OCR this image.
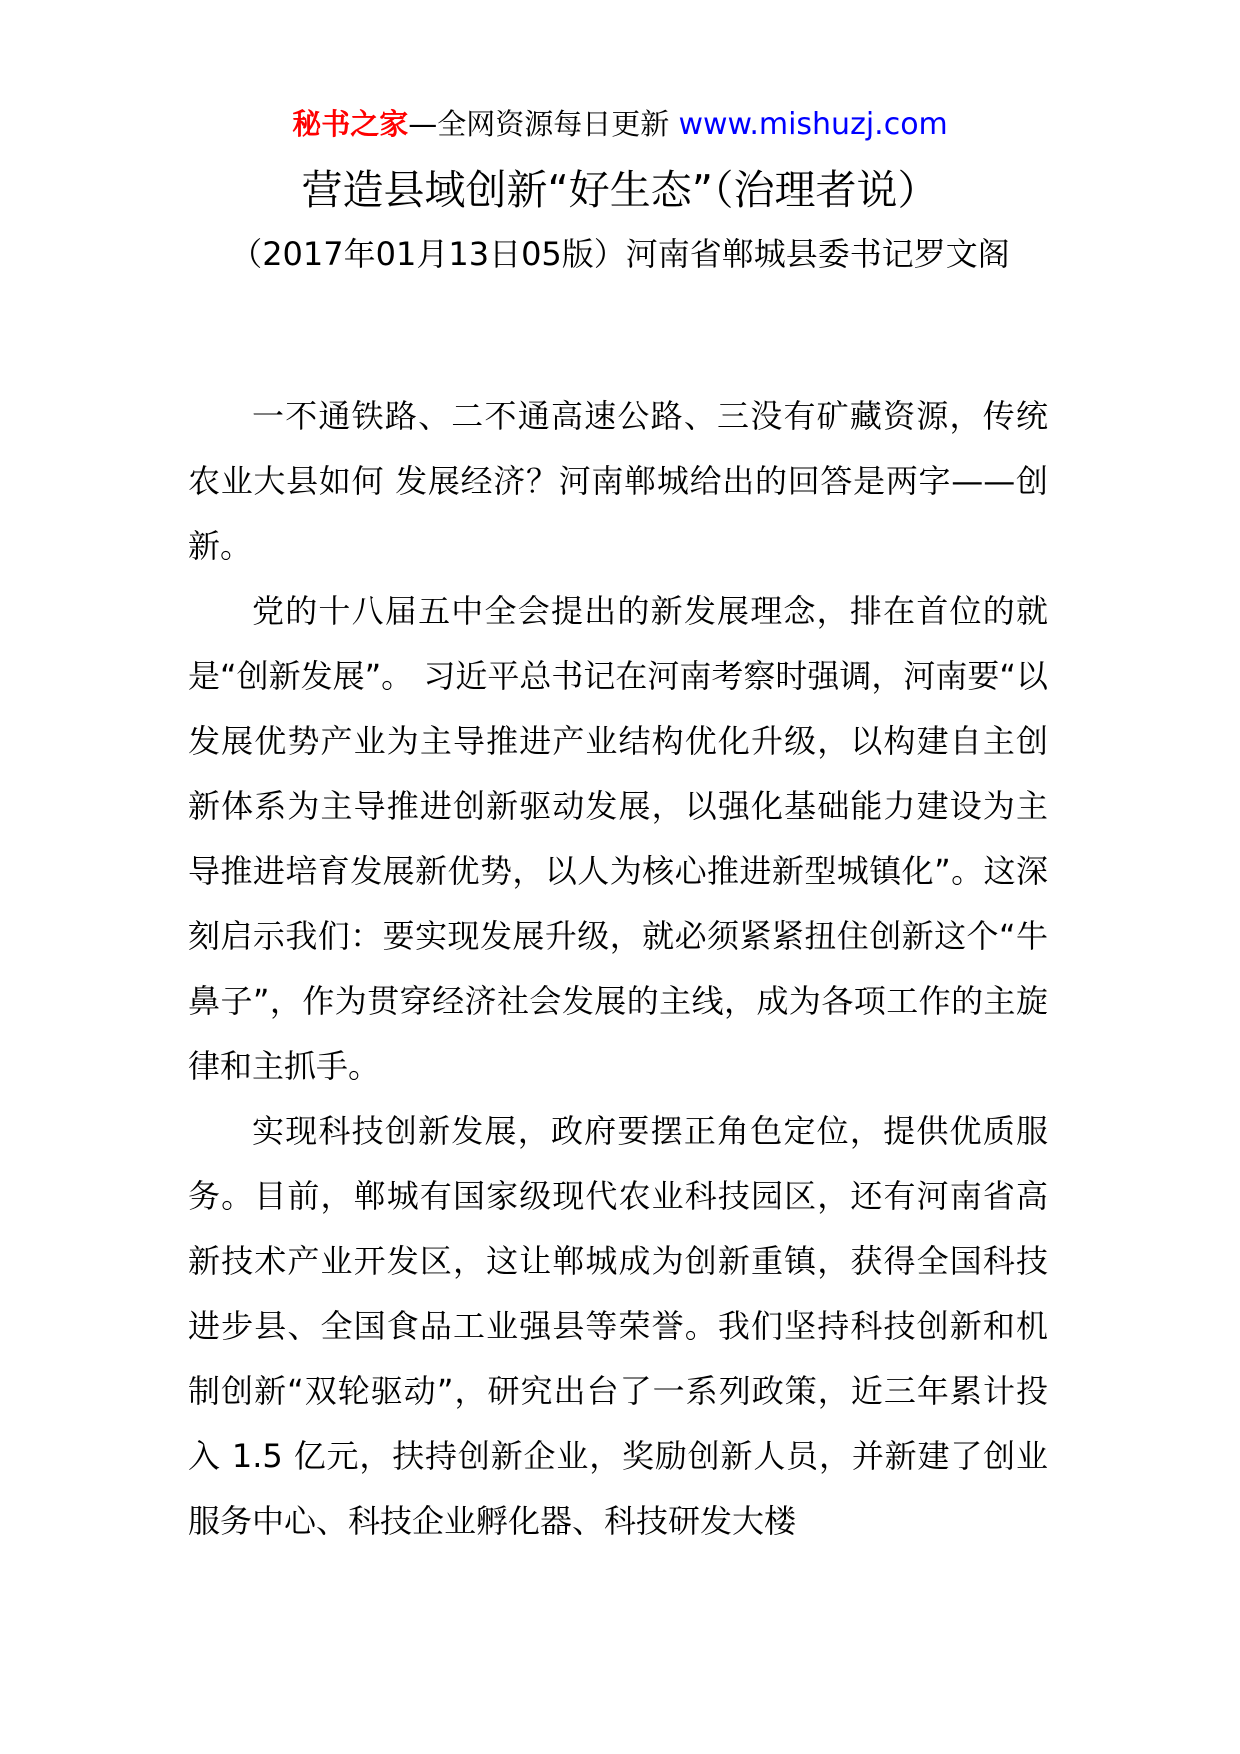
秘书之家—全网资源每日更新 www.mishuzj.com
营造县域创新“好生态”（治理者说）

（2017年01月13日05版）河南省郸城县委书记罗文阁

一不通铁路、二不通高速公路、三没有矿藏资源，传统农业大县如何 发展经济？河南郸城给出的回答是两字——创新。

党的十八届五中全会提出的新发展理念，排在首位的就是“创新发展”。 习近平总书记在河南考察时强调，河南要“以发展优势产业为主导推进产业结构优化升级，以构建自主创新体系为主导推进创新驱动发展，以强化基础能力建设为主导推进培育发展新优势，以人为核心推进新型城镇化”。这深刻启示我们：要实现发展升级，就必须紧紧扭住创新这个“牛鼻子”，作为贯穿经济社会发展的主线，成为各项工作的主旋律和主抓手。

实现科技创新发展，政府要摆正角色定位，提供优质服务。目前，郸城有国家级现代农业科技园区，还有河南省高新技术产业开发区，这让郸城成为创新重镇，获得全国科技进步县、全国食品工业强县等荣誉。我们坚持科技创新和机制创新“双轮驱动”，研究出台了一系列政策，近三年累计投入 1.5 亿元，扶持创新企业，奖励创新人员，并新建了创业服务中心、科技企业孵化器、科技研发大楼
